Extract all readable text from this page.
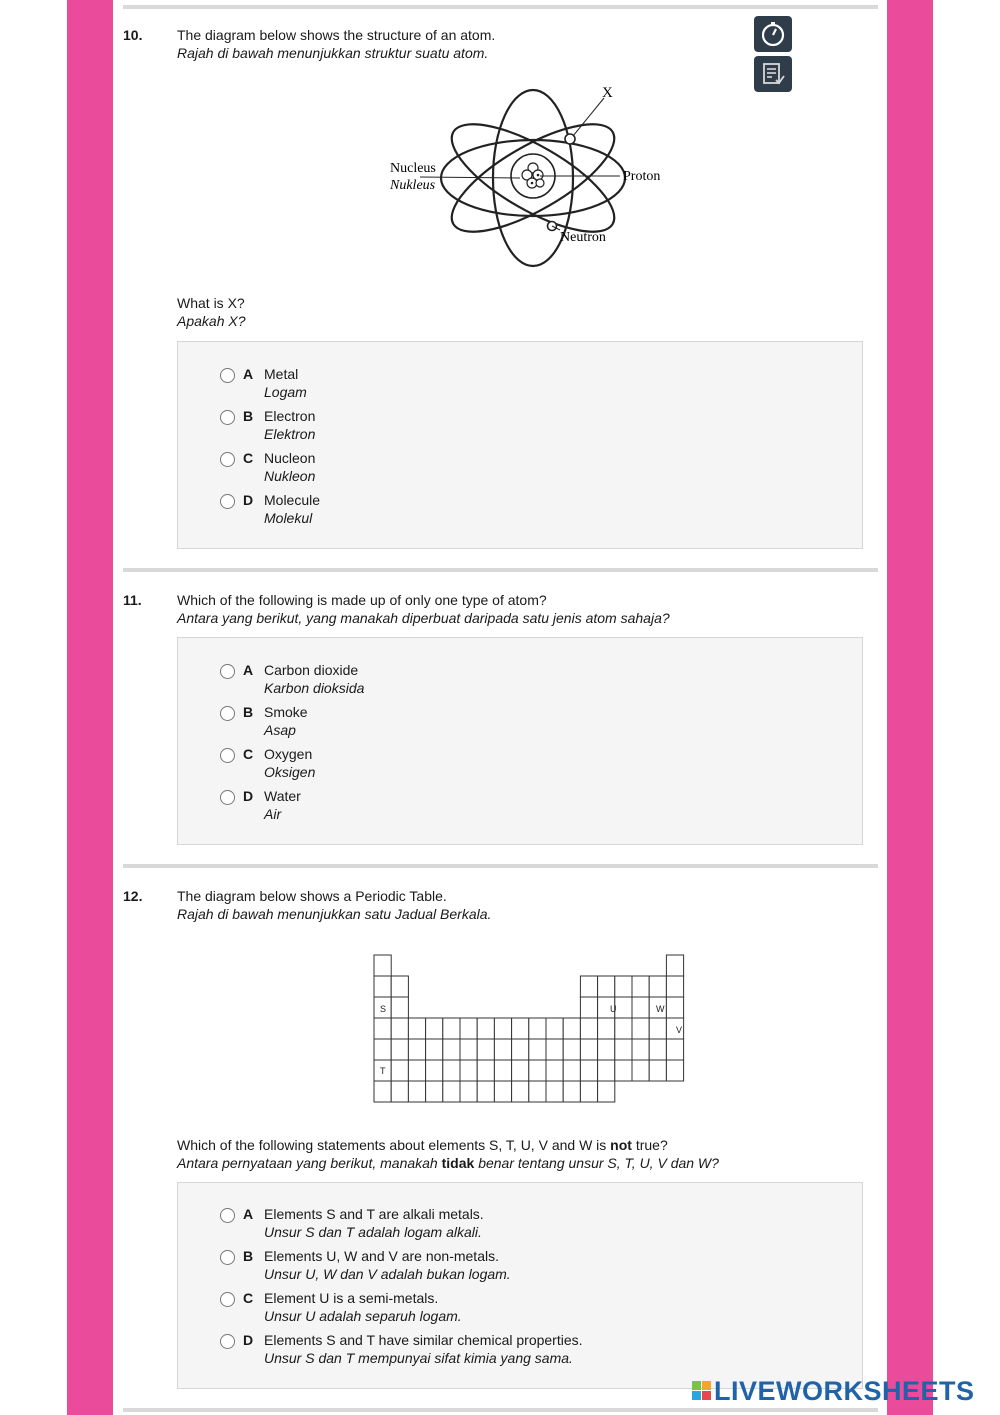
10. The diagram below shows the structure of an atom.
Rajah di bawah menunjukkan struktur suatu atom.
X
Nucleus
Nukleus
Proton
Neutron
What is X?
Apakah X?
A Metal
Logam
B Electron
Elektron
C Nucleon
Nukleon
D Molecule
Molekul
11.	Which of the following is made up of only one type of atom?
Antara yang berikut, yang manakah diperbuat daripada satu jenis atom sahaja?
A Carbon dioxide
Karbon dioksida
B Smoke
Asap
C Oxygen
Oksigen
D Water
Air
12. The diagram below shows a Periodic Table.
Rajah di bawah menunjukkan satu Jadual Berkala.
S
T
U	W
V
Which of the following statements about elements S, T, U, V and W is not true?
Antara pernyataan yang berikut, manakah tidak benar tentang unsur S, T, U, V dan W?
A Elements S and T are alkali metals.
Unsur S dan T adalah logam alkali.
B Elements U, W and V are non-metals.
Unsur U, W dan V adalah bukan logam.
C Element U is a semi-metals.
Unsur U adalah separuh logam.
D Elements S and T have similar chemical properties.
Unsur S dan T mempunyai sifat kimia yang sama.
LIVEWORKSHEETS
